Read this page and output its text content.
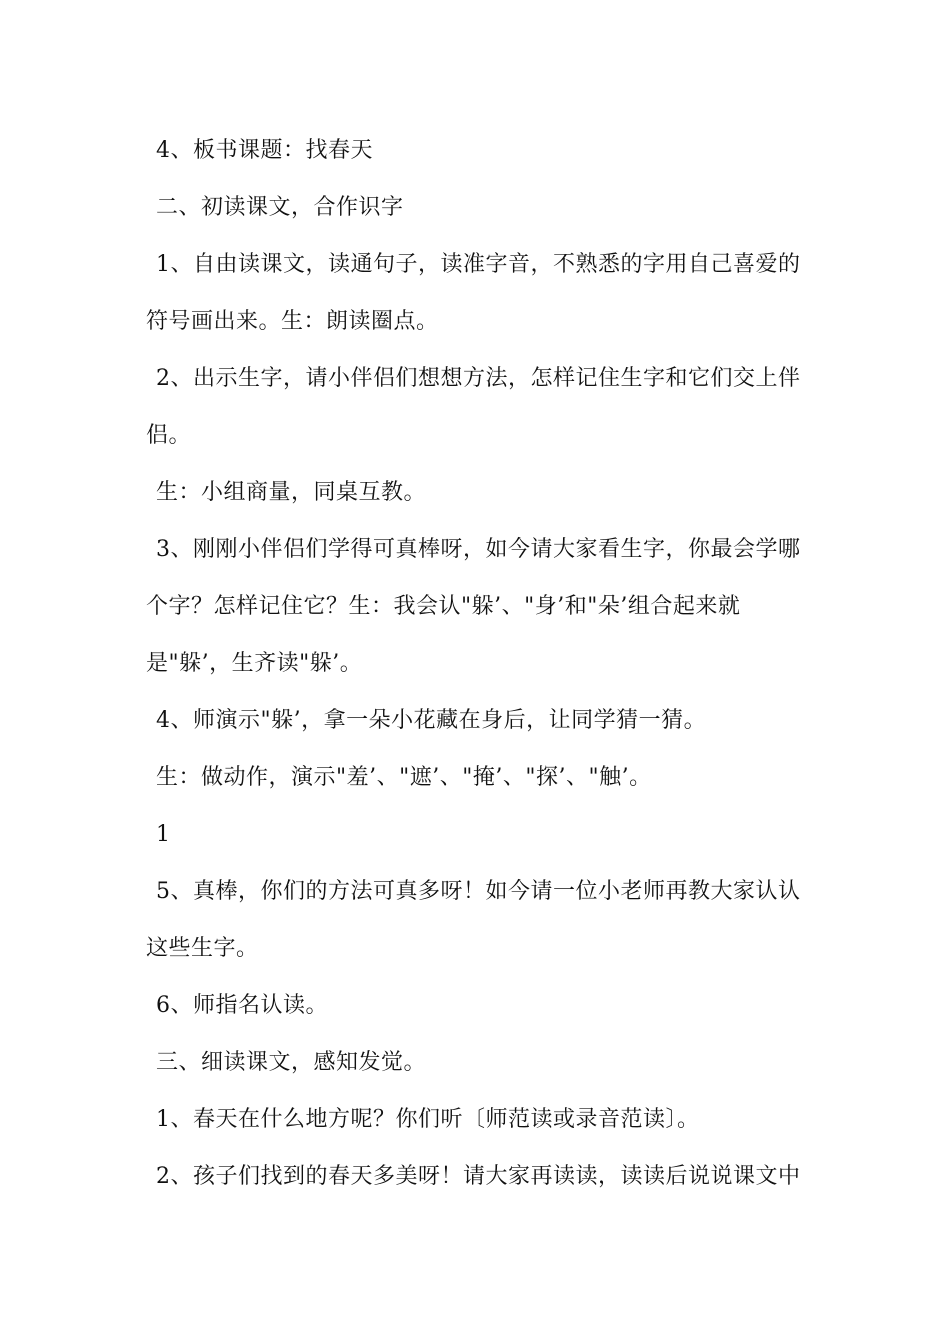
4、板书课题：找春天
二、初读课文，合作识字
1、自由读课文，读通句子，读准字音，不熟悉的字用自己喜爱的
符号画出来。生：朗读圈点。
2、出示生字，请小伴侣们想想方法，怎样记住生字和它们交上伴
侣。
生：小组商量，同桌互教。
3、刚刚小伴侣们学得可真棒呀，如今请大家看生字，你最会学哪
个字？怎样记住它？生：我会认"躲’、"身’和"朵’组合起来就
是"躲’，生齐读"躲’。
4、师演示"躲’，拿一朵小花藏在身后，让同学猜一猜。
生：做动作，演示"羞’、"遮’、"掩’、"探’、"触’。
1
5、真棒，你们的方法可真多呀！如今请一位小老师再教大家认认
这些生字。
6、师指名认读。
三、细读课文，感知发觉。
1、春天在什么地方呢？你们听〔师范读或录音范读〕。
2、孩子们找到的春天多美呀！请大家再读读，读读后说说课文中
